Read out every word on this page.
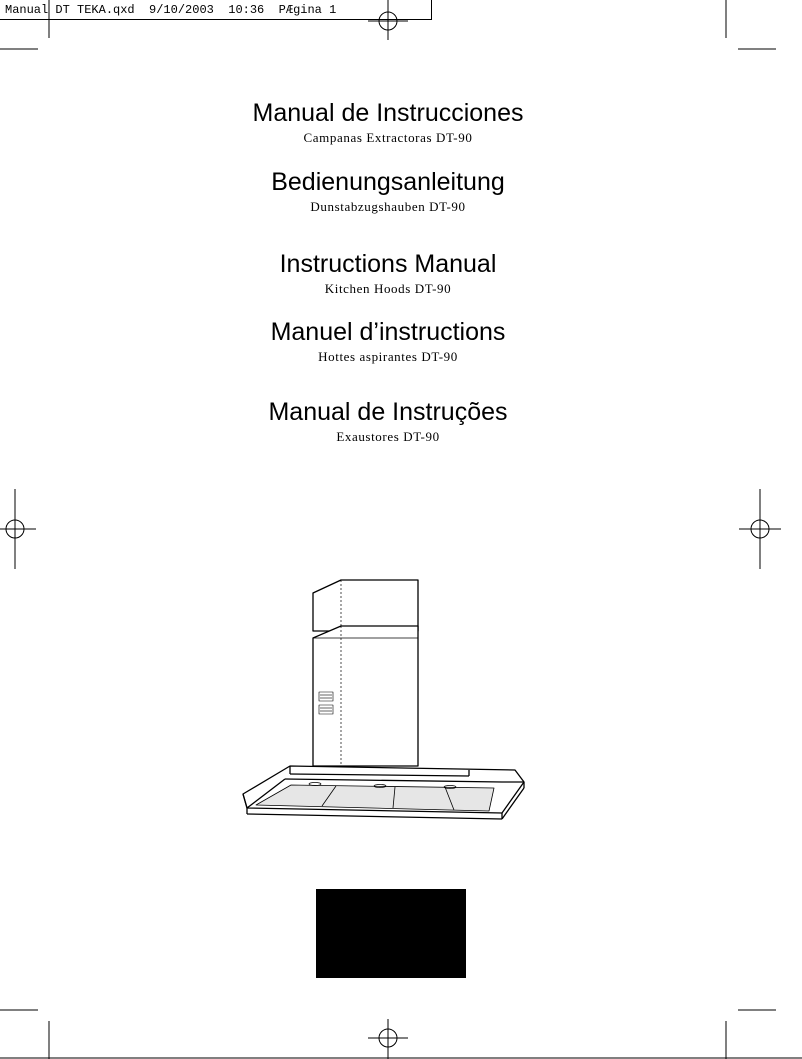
Manual DT TEKA.qxd 9/10/2003 10:36 PÆgina 1
Manual de Instrucciones

Campanas Extractoras DT-90

Bedienungsanleitung

Dunstabzugshauben DT-90

Instructions Manual

Kitchen Hoods DT-90

Manuel d’instructions

Hottes aspirantes DT-90

Manual de Instruções

Exaustores DT-90
